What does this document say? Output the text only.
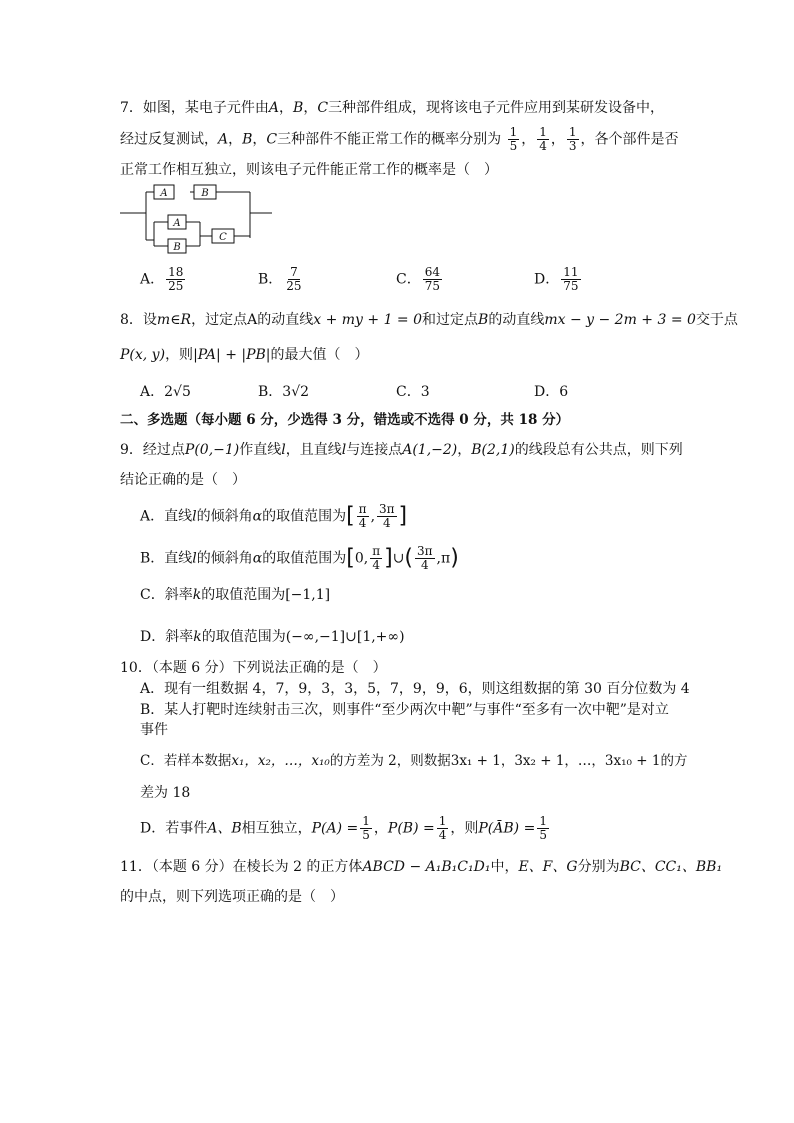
7．如图，某电子元件由A，B，C三种部件组成，现将该电子元件应用到某研发设备中，
经过反复测试，A，B，C三种部件不能正常工作的概率分别为 $\frac{1}{5}$ ， $\frac{1}{4}$ ， $\frac{1}{3}$ ，各个部件是否
正常工作相互独立，则该电子元件能正常工作的概率是（　）
A	B
A
B
C
A． $\frac{18}{25}$	B． $\frac{7}{25}$	C． $\frac{64}{75}$	D． $\frac{11}{75}$
8．设m∈R，过定点A的动直线x + my + 1 = 0和过定点B的动直线mx − y − 2m + 3 = 0交于点
P(x, y)，则|PA| + |PB|的最大值（　）
A．2√5	B．3√2	C．3	D．6
二、多选题（每小题 6 分，少选得 3 分，错选或不选得 0 分，共 18 分）
9．经过点P(0,−1)作直线l，且直线l与连接点A(1,−2)，B(2,1)的线段总有公共点，则下列
结论正确的是（　）
A．直线l的倾斜角α的取值范围为[ $\frac{\pi}{4}$ , $\frac{3\pi}{4}$ ]
B．直线l的倾斜角α的取值范围为[0, $\frac{\pi}{4}$ ]∪( $\frac{3\pi}{4} ,\pi$)
C．斜率k的取值范围为[−1,1]
D．斜率k的取值范围为(−∞,−1]∪[1,+∞)
10．（本题 6 分）下列说法正确的是（　）
A．现有一组数据 4，7，9，3，3，5，7，9，9，6，则这组数据的第 30 百分位数为 4
B．某人打靶时连续射击三次，则事件“至少两次中靶”与事件“至多有一次中靶”是对立
事件
C．若样本数据x₁，x₂，…，x₁₀的方差为 2，则数据3x₁ + 1，3x₂ + 1，…，3x₁₀ + 1的方
差为 18
D．若事件A、B相互独立，$P(A) = \frac{1}{5}$ ，$P(B) = \frac{1}{4}$ ，则P(ĀB) = $\frac{1}{5}$
11．（本题 6 分）在棱长为 2 的正方体ABCD − A₁B₁C₁D₁中，E、F、G分别为BC、CC₁、BB₁
的中点，则下列选项正确的是（　）
